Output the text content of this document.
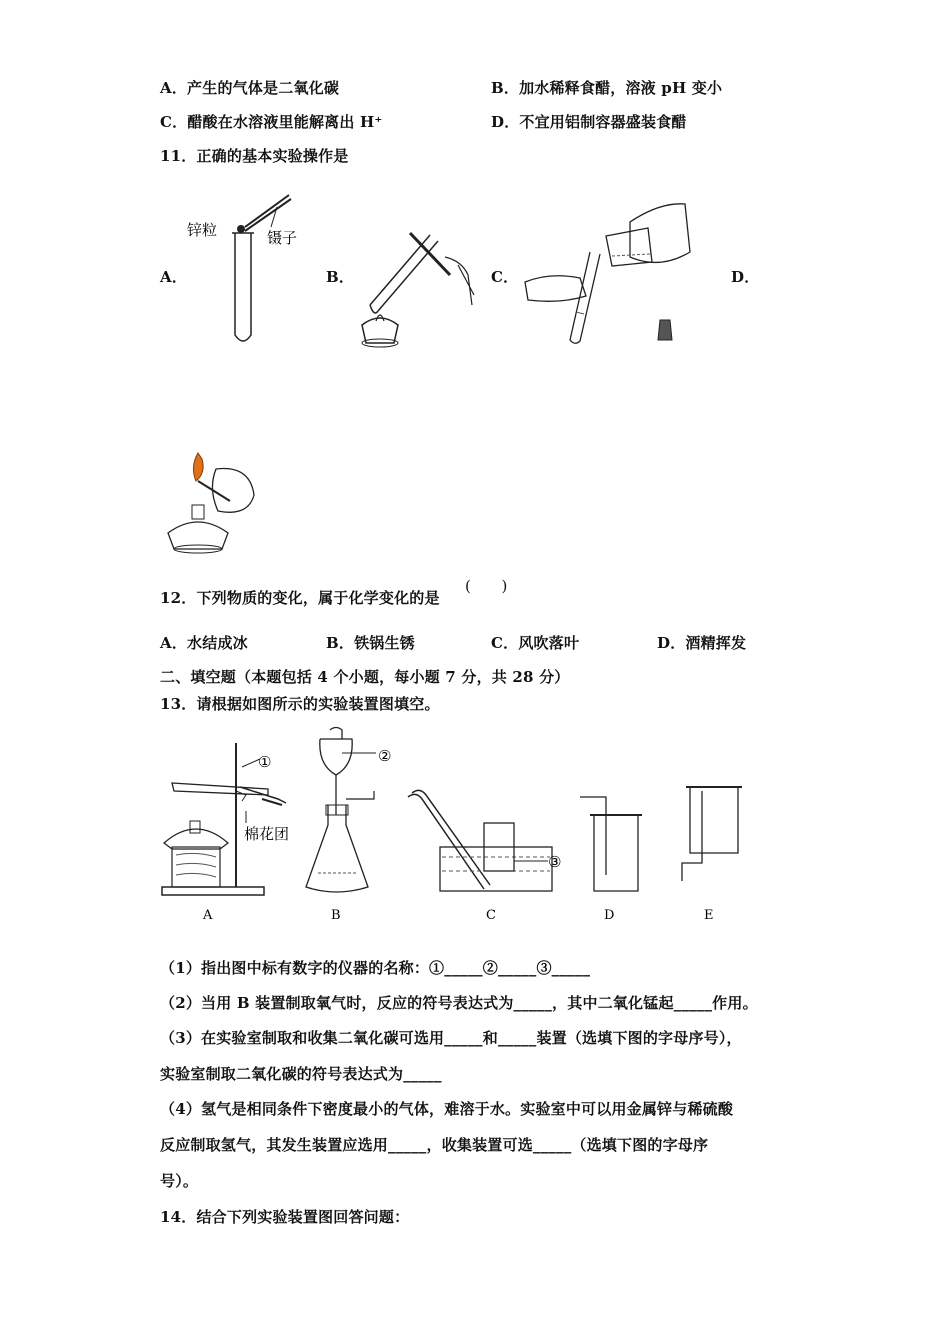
A．产生的气体是二氧化碳	B．加水稀释食醋，溶液 pH 变小
C．醋酸在水溶液里能解离出 H⁺	D．不宜用铝制容器盛装食醋
11．正确的基本实验操作是
A．	B．	C．	D．
锌粒	镊子
12．下列物质的变化，属于化学变化的是
(　　)
A．水结成冰	B．铁锅生锈	C．风吹落叶	D．酒精挥发
二、填空题（本题包括 4 个小题，每小题 7 分，共 28 分）
13．请根据如图所示的实验装置图填空。
①
棉花团
A
②
B
③
C	D	E
（1）指出图中标有数字的仪器的名称：①_____②_____③_____
（2）当用 B 装置制取氧气时，反应的符号表达式为_____，其中二氧化锰起_____作用。
（3）在实验室制取和收集二氧化碳可选用_____和_____装置（选填下图的字母序号），
实验室制取二氧化碳的符号表达式为_____
（4）氢气是相同条件下密度最小的气体，难溶于水。实验室中可以用金属锌与稀硫酸
反应制取氢气，其发生装置应选用_____，收集装置可选_____（选填下图的字母序
号）。
14．结合下列实验装置图回答问题：
